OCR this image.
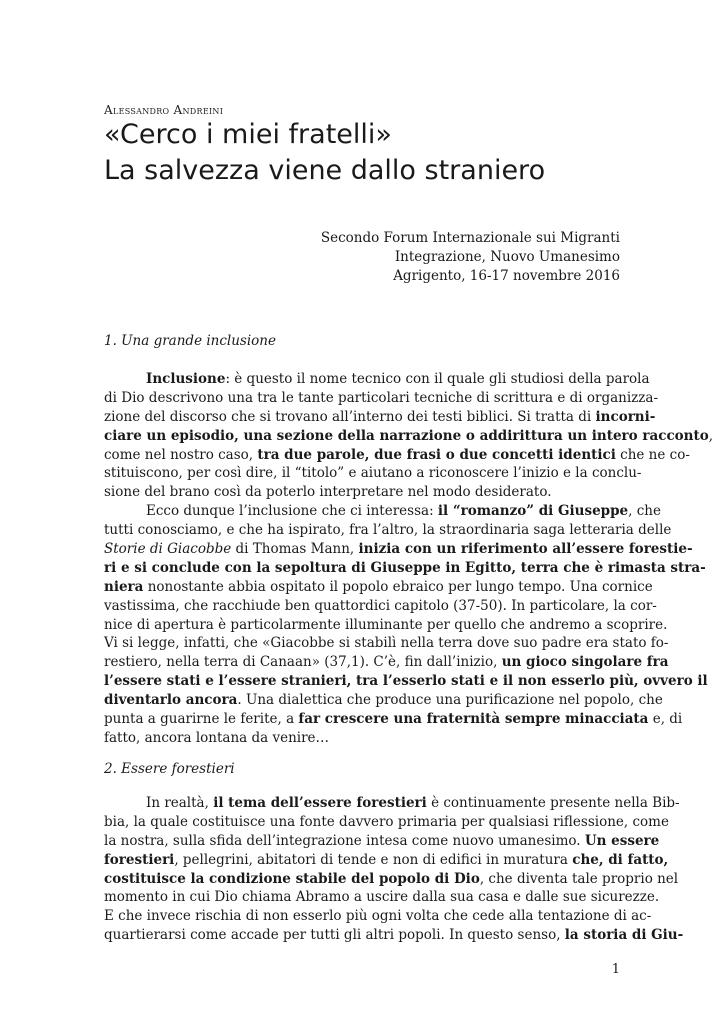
Alessandro Andreini
«Cerco i miei fratelli»
La salvezza viene dallo straniero
Secondo Forum Internazionale sui Migranti
Integrazione, Nuovo Umanesimo
Agrigento, 16-17 novembre 2016
1. Una grande inclusione
Inclusione: è questo il nome tecnico con il quale gli studiosi della parola
di Dio descrivono una tra le tante particolari tecniche di scrittura e di organizza-
zione del discorso che si trovano all’interno dei testi biblici. Si tratta di incorni-
ciare un episodio, una sezione della narrazione o addirittura un intero racconto,
come nel nostro caso, tra due parole, due frasi o due concetti identici che ne co-
stituiscono, per così dire, il “titolo” e aiutano a riconoscere l’inizio e la conclu-
sione del brano così da poterlo interpretare nel modo desiderato.
Ecco dunque l’inclusione che ci interessa: il “romanzo” di Giuseppe, che
tutti conosciamo, e che ha ispirato, fra l’altro, la straordinaria saga letteraria delle
Storie di Giacobbe di Thomas Mann, inizia con un riferimento all’essere forestie-
ri e si conclude con la sepoltura di Giuseppe in Egitto, terra che è rimasta stra-
niera nonostante abbia ospitato il popolo ebraico per lungo tempo. Una cornice
vastissima, che racchiude ben quattordici capitolo (37-50). In particolare, la cor-
nice di apertura è particolarmente illuminante per quello che andremo a scoprire.
Vi si legge, infatti, che «Giacobbe si stabilì nella terra dove suo padre era stato fo-
restiero, nella terra di Canaan» (37,1). C’è, fin dall’inizio, un gioco singolare fra
l’essere stati e l’essere stranieri, tra l’esserlo stati e il non esserlo più, ovvero il
diventarlo ancora. Una dialettica che produce una purificazione nel popolo, che
punta a guarirne le ferite, a far crescere una fraternità sempre minacciata e, di
fatto, ancora lontana da venire…
2. Essere forestieri
In realtà, il tema dell’essere forestieri è continuamente presente nella Bib-
bia, la quale costituisce una fonte davvero primaria per qualsiasi riflessione, come
la nostra, sulla sfida dell’integrazione intesa come nuovo umanesimo. Un essere
forestieri, pellegrini, abitatori di tende e non di edifici in muratura che, di fatto,
costituisce la condizione stabile del popolo di Dio, che diventa tale proprio nel
momento in cui Dio chiama Abramo a uscire dalla sua casa e dalle sue sicurezze.
E che invece rischia di non esserlo più ogni volta che cede alla tentazione di ac-
quartierarsi come accade per tutti gli altri popoli. In questo senso, la storia di Giu-
1
